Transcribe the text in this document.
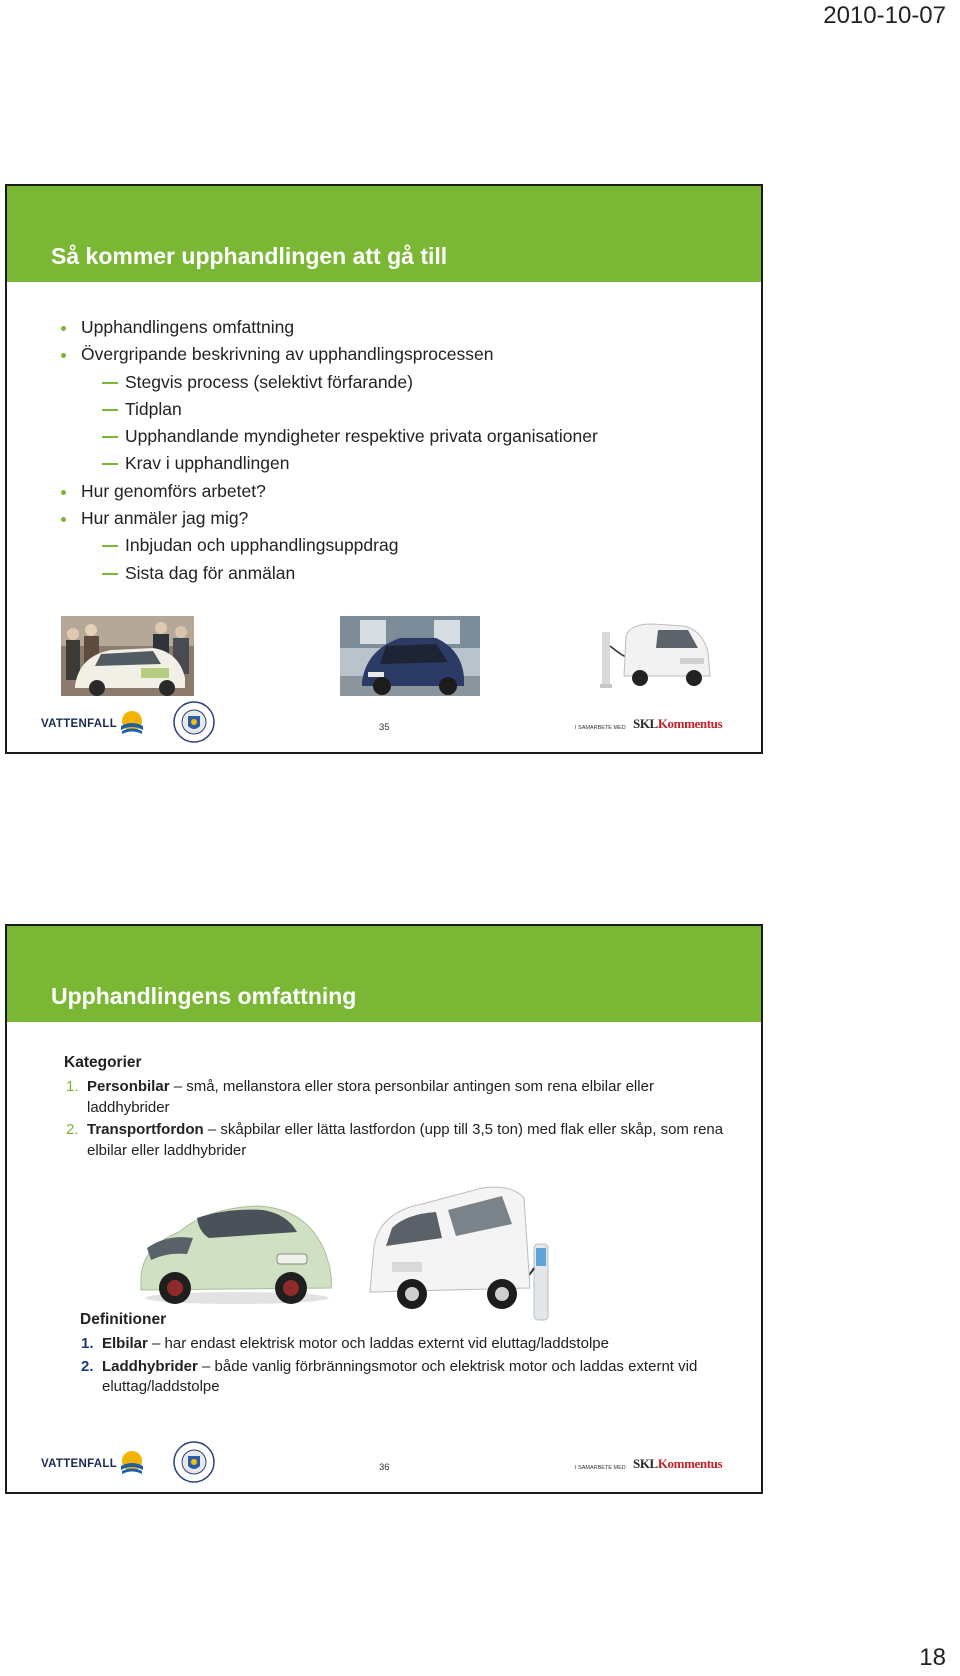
2010-10-07
Så kommer upphandlingen att gå till
Upphandlingens omfattning
Övergripande beskrivning av upphandlingsprocessen
Stegvis process (selektivt förfarande)
Tidplan
Upphandlande myndigheter respektive privata organisationer
Krav i upphandlingen
Hur genomförs arbetet?
Hur anmäler jag mig?
Inbjudan och upphandlingsuppdrag
Sista dag för anmälan
VATTENFALL	35	I SAMARBETE MED SKLKommentus
Upphandlingens omfattning
Kategorier
1. Personbilar – små, mellanstora eller stora personbilar antingen som rena elbilar eller laddhybrider
2. Transportfordon – skåpbilar eller lätta lastfordon (upp till 3,5 ton) med flak eller skåp, som rena elbilar eller laddhybrider
Definitioner
1. Elbilar – har endast elektrisk motor och laddas externt vid eluttag/laddstolpe
2. Laddhybrider – både vanlig förbränningsmotor och elektrisk motor och laddas externt vid eluttag/laddstolpe
VATTENFALL	36	I SAMARBETE MED SKLKommentus
18
